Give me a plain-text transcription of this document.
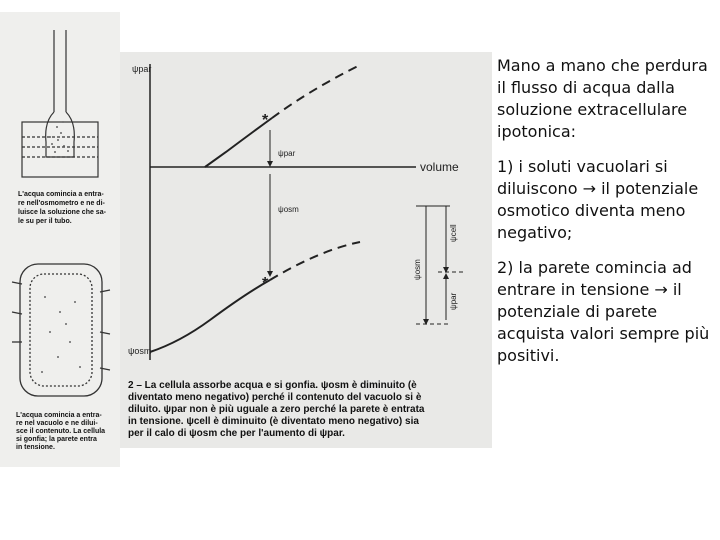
L'acqua comincia a entra-
re nell'osmometro e ne di-
luisce la soluzione che sa-
le su per il tubo.
L'acqua comincia a entra-
re nel vacuolo e ne dilui-
sce il contenuto. La cellula
si gonfia; la parete entra
in tensione.
ψpar
ψosm
volume
*
ψpar
ψosm
*
ψcell
ψosm
ψpar
2 – La cellula assorbe acqua e si gonfia. ψosm è diminuito (è
diventato meno negativo) perché il contenuto del vacuolo si è
diluito. ψpar non è più uguale a zero perché la parete è entrata
in tensione. ψcell è diminuito (è diventato meno negativo) sia
per il calo di ψosm che per l'aumento di ψpar.

Mano a mano che perdura il flusso di acqua dalla soluzione extracellulare ipotonica:

1) i soluti vacuolari si diluiscono → il potenziale osmotico diventa meno negativo;

2) la parete comincia ad entrare in tensione → il potenziale di parete acquista valori sempre più positivi.
